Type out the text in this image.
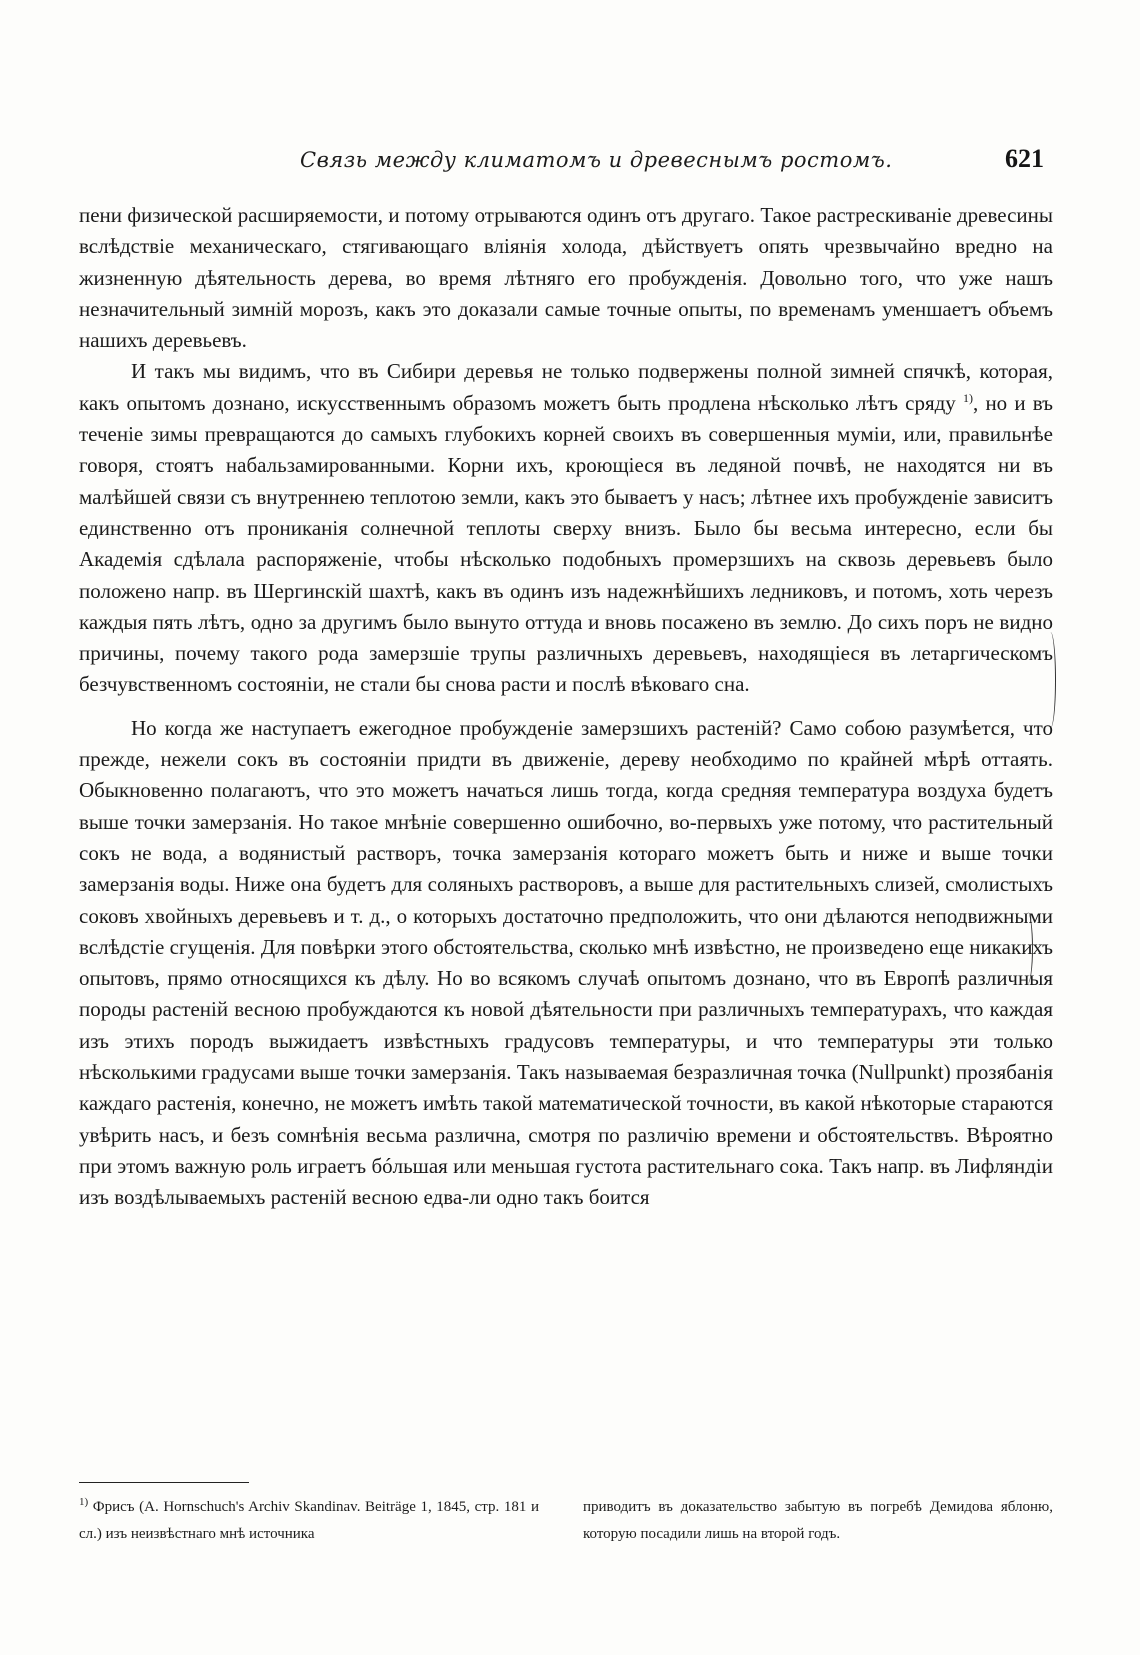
Связь между климатомъ и древеснымъ ростомъ.	621

пени физической расширяемости, и потому отрываются одинъ отъ другаго. Такое растрескиваніе древесины вслѣдствіе механическаго, стягивающаго вліянія холода, дѣйствуетъ опять чрезвычайно вредно на жизненную дѣятельность дерева, во время лѣтняго его пробужденія. Довольно того, что уже нашъ незначительный зимній морозъ, какъ это доказали самые точные опыты, по временамъ уменшаетъ объемъ нашихъ деревьевъ.

И такъ мы видимъ, что въ Сибири деревья не только подвержены полной зимней спячкѣ, которая, какъ опытомъ дознано, искусственнымъ образомъ можетъ быть продлена нѣсколько лѣтъ сряду $^{1)}$, но и въ теченіе зимы превращаются до самыхъ глубокихъ корней своихъ въ совершенныя муміи, или, правильнѣе говоря, стоятъ набальзамированными. Корни ихъ, кроющіеся въ ледяной почвѣ, не находятся ни въ малѣйшей связи съ внутреннею теплотою земли, какъ это бываетъ у насъ; лѣтнее ихъ пробужденіе зависитъ единственно отъ прониканія солнечной теплоты сверху внизъ. Было бы весьма интересно, если бы Академія сдѣлала распоряженіе, чтобы нѣсколько подобныхъ промерзшихъ на сквозь деревьевъ было положено напр. въ Шергинскій шахтѣ, какъ въ одинъ изъ надежнѣйшихъ ледниковъ, и потомъ, хоть черезъ каждыя пять лѣтъ, одно за другимъ было вынуто оттуда и вновь посажено въ землю. До сихъ поръ не видно причины, почему такого рода замерзшіе трупы различныхъ деревьевъ, находящіеся въ летаргическомъ безчувственномъ состояніи, не стали бы снова расти и послѣ вѣковаго сна.

Но когда же наступаетъ ежегодное пробужденіе замерзшихъ растеній? Само собою разумѣется, что прежде, нежели сокъ въ состояніи придти въ движеніе, дереву необходимо по крайней мѣрѣ оттаять. Обыкновенно полагаютъ, что это можетъ начаться лишь тогда, когда средняя температура воздуха будетъ выше точки замерзанія. Но такое мнѣніе совершенно ошибочно, во-первыхъ уже потому, что растительный сокъ не вода, а водянистый растворъ, точка замерзанія котораго можетъ быть и ниже и выше точки замерзанія воды. Ниже она будетъ для соляныхъ растворовъ, а выше для растительныхъ слизей, смолистыхъ соковъ хвойныхъ деревьевъ и т. д., о которыхъ достаточно предположить, что они дѣлаются неподвижными вслѣдстіе сгущенія. Для повѣрки этого обстоятельства, сколько мнѣ извѣстно, не произведено еще никакихъ опытовъ, прямо относящихся къ дѣлу. Но во всякомъ случаѣ опытомъ дознано, что въ Европѣ различныя породы растеній весною пробуждаются къ новой дѣятельности при различныхъ температурахъ, что каждая изъ этихъ породъ выжидаетъ извѣстныхъ градусовъ температуры, и что температуры эти только нѣсколькими градусами выше точки замерзанія. Такъ называемая безразличная точка (Nullpunkt) прозябанія каждаго растенія, конечно, не можетъ имѣть такой математической точности, въ какой нѣкоторые стараются увѣрить насъ, и безъ сомнѣнія весьма различна, смотря по различію времени и обстоятельствъ. Вѣроятно при этомъ важную роль играетъ бóльшая или меньшая густота растительнаго сока. Такъ напр. въ Лифляндіи изъ воздѣлываемыхъ растеній весною едва-ли одно такъ боится

$^{1)}$ Фрисъ (A. Hornschuch's Archiv Skandinav. Beiträge 1, 1845, стр. 181 и сл.) изъ неизвѣстнаго мнѣ источника
приводитъ въ доказательство забытую въ погребѣ Демидова яблоню, которую посадили лишь на второй годъ.
